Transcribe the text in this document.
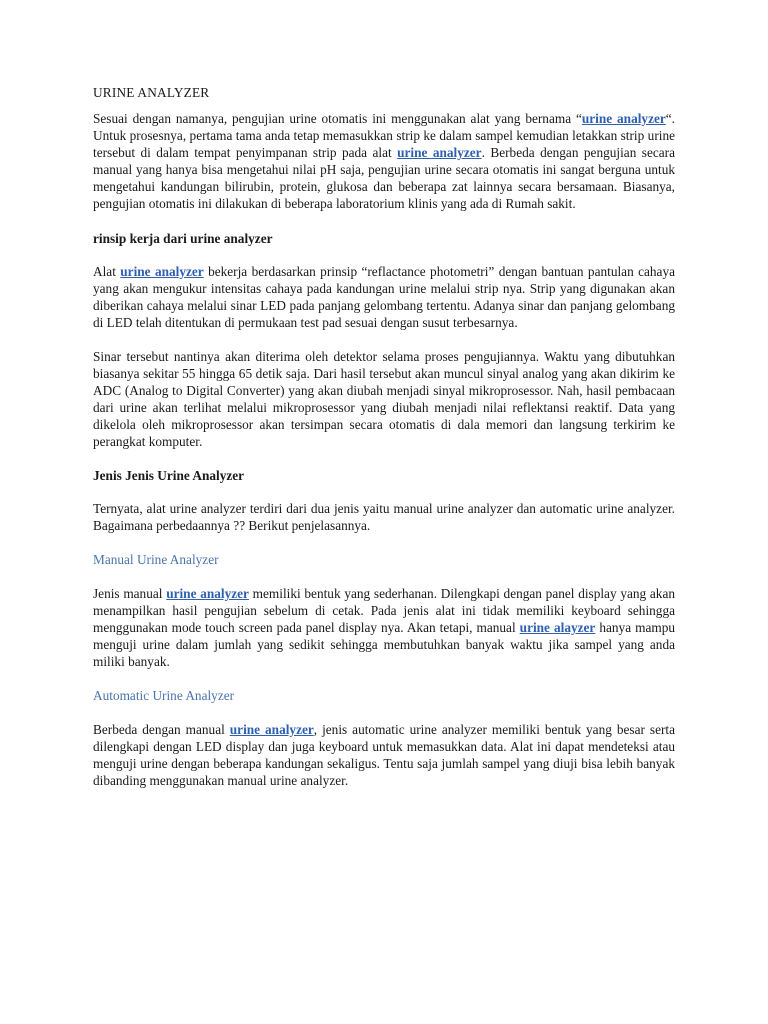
URINE ANALYZER

Sesuai dengan namanya, pengujian urine otomatis ini menggunakan alat yang bernama “urine analyzer“. Untuk prosesnya, pertama tama anda tetap memasukkan strip ke dalam sampel kemudian letakkan strip urine tersebut di dalam tempat penyimpanan strip pada alat urine analyzer. Berbeda dengan pengujian secara manual yang hanya bisa mengetahui nilai pH saja, pengujian urine secara otomatis ini sangat berguna untuk mengetahui kandungan bilirubin, protein, glukosa dan beberapa zat lainnya secara bersamaan. Biasanya, pengujian otomatis ini dilakukan di beberapa laboratorium klinis yang ada di Rumah sakit.

rinsip kerja dari urine analyzer

Alat urine analyzer bekerja berdasarkan prinsip “reflactance photometri” dengan bantuan pantulan cahaya yang akan mengukur intensitas cahaya pada kandungan urine melalui strip nya. Strip yang digunakan akan diberikan cahaya melalui sinar LED pada panjang gelombang tertentu. Adanya sinar dan panjang gelombang di LED telah ditentukan di permukaan test pad sesuai dengan susut terbesarnya.

Sinar tersebut nantinya akan diterima oleh detektor selama proses pengujiannya. Waktu yang dibutuhkan biasanya sekitar 55 hingga 65 detik saja. Dari hasil tersebut akan muncul sinyal analog yang akan dikirim ke ADC (Analog to Digital Converter) yang akan diubah menjadi sinyal mikroprosessor. Nah, hasil pembacaan dari urine akan terlihat melalui mikroprosessor yang diubah menjadi nilai reflektansi reaktif. Data yang dikelola oleh mikroprosessor akan tersimpan secara otomatis di dala memori dan langsung terkirim ke perangkat komputer.

Jenis Jenis Urine Analyzer

Ternyata, alat urine analyzer terdiri dari dua jenis yaitu manual urine analyzer dan automatic urine analyzer. Bagaimana perbedaannya ?? Berikut penjelasannya.

Manual Urine Analyzer

Jenis manual urine analyzer memiliki bentuk yang sederhanan. Dilengkapi dengan panel display yang akan menampilkan hasil pengujian sebelum di cetak. Pada jenis alat ini tidak memiliki keyboard sehingga menggunakan mode touch screen pada panel display nya. Akan tetapi, manual urine alayzer hanya mampu menguji urine dalam jumlah yang sedikit sehingga membutuhkan banyak waktu jika sampel yang anda miliki banyak.

Automatic Urine Analyzer

Berbeda dengan manual urine analyzer, jenis automatic urine analyzer memiliki bentuk yang besar serta dilengkapi dengan LED display dan juga keyboard untuk memasukkan data. Alat ini dapat mendeteksi atau menguji urine dengan beberapa kandungan sekaligus. Tentu saja jumlah sampel yang diuji bisa lebih banyak dibanding menggunakan manual urine analyzer.
